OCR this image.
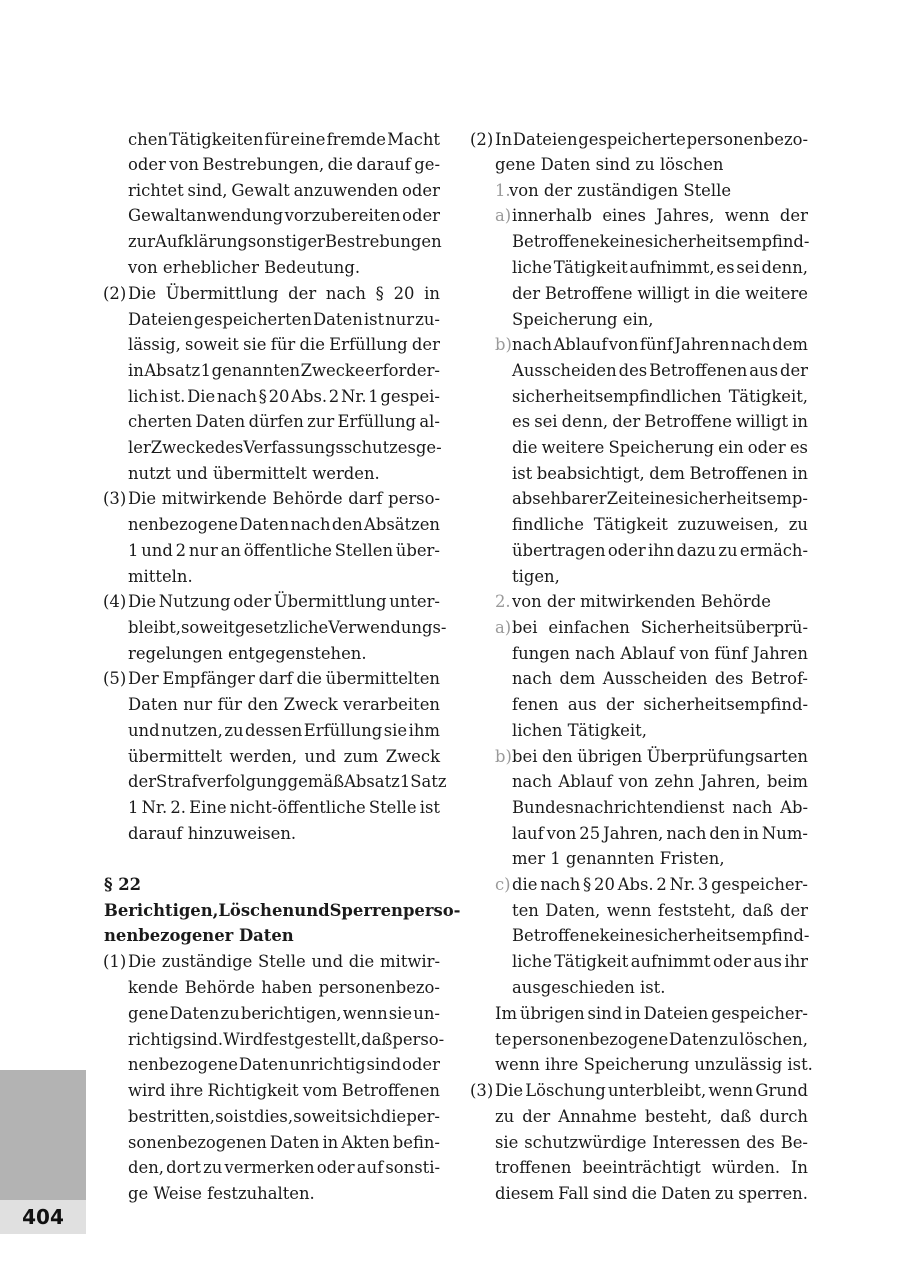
404
chen Tätigkeiten für eine fremde Macht
oder von Bestrebungen, die darauf ge-
richtet sind, Gewalt anzuwenden oder
Gewaltanwendung vorzubereiten oder
zur Aufklärung sonstiger Bestrebungen
von erheblicher Bedeutung.
Die Übermittlung der nach § 20 in
Dateien gespeicherten Daten ist nur zu-
lässig, soweit sie für die Erfüllung der
in Absatz 1 genannten Zwecke erforder-
lich ist. Die nach § 20 Abs. 2 Nr. 1 gespei-
cherten Daten dürfen zur Erfüllung al-
ler Zwecke des Verfassungsschutzes ge-
nutzt und übermittelt werden.
Die mitwirkende Behörde darf perso-
nenbezogene Daten nach den Absätzen
1 und 2 nur an öffentliche Stellen über-
mitteln.
Die Nutzung oder Übermittlung unter-
bleibt, soweit gesetzliche Verwendungs-
regelungen entgegenstehen.
Der Empfänger darf die übermittelten
Daten nur für den Zweck verarbeiten
und nutzen, zu dessen Erfüllung sie ihm
übermittelt werden, und zum Zweck
der Strafverfolgung gemäß Absatz 1 Satz
1 Nr. 2. Eine nicht-öffentliche Stelle ist
darauf hinzuweisen.
§ 22
Berichtigen, Löschen und Sperren perso-
nenbezogener Daten
Die zuständige Stelle und die mitwir-
kende Behörde haben personenbezo-
gene Daten zu berichtigen, wenn sie un-
richtig sind. Wird festgestellt, daß perso-
nenbezogene Daten unrichtig sind oder
wird ihre Richtigkeit vom Betroffenen
bestritten, so ist dies, soweit sich die per-
sonenbezogenen Daten in Akten befin-
den, dort zu vermerken oder auf sonsti-
ge Weise festzuhalten.
In Dateien gespeicherte personenbezo-
gene Daten sind zu löschen
von der zuständigen Stelle
innerhalb eines Jahres, wenn der
Betroffene keine sicherheitsempfind-
liche Tätigkeit aufnimmt, es sei denn,
der Betroffene willigt in die weitere
Speicherung ein,
nach Ablauf von fünf Jahren nach dem
Ausscheiden des Betroffenen aus der
sicherheitsempfindlichen Tätigkeit,
es sei denn, der Betroffene willigt in
die weitere Speicherung ein oder es
ist beabsichtigt, dem Betroffenen in
absehbarer Zeit eine sicherheitsemp-
findliche Tätigkeit zuzuweisen, zu
übertragen oder ihn dazu zu ermäch-
tigen,
von der mitwirkenden Behörde
bei einfachen Sicherheitsüberprü-
fungen nach Ablauf von fünf Jahren
nach dem Ausscheiden des Betrof-
fenen aus der sicherheitsempfind-
lichen Tätigkeit,
bei den übrigen Überprüfungsarten
nach Ablauf von zehn Jahren, beim
Bundesnachrichtendienst nach Ab-
lauf von 25 Jahren, nach den in Num-
mer 1 genannten Fristen,
die nach § 20 Abs. 2 Nr. 3 gespeicher-
ten Daten, wenn feststeht, daß der
Betroffene keine sicherheitsempfind-
liche Tätigkeit aufnimmt oder aus ihr
ausgeschieden ist.
Im übrigen sind in Dateien gespeicher-
te personenbezogene Daten zu löschen,
wenn ihre Speicherung unzulässig ist.
Die Löschung unterbleibt, wenn Grund
zu der Annahme besteht, daß durch
sie schutzwürdige Interessen des Be-
troffenen beeinträchtigt würden. In
diesem Fall sind die Daten zu sperren.
(2)
(3)
(4)
(5)
(1)
(2)
(3)
1.
2.
a)
b)
a)
b)
c)
